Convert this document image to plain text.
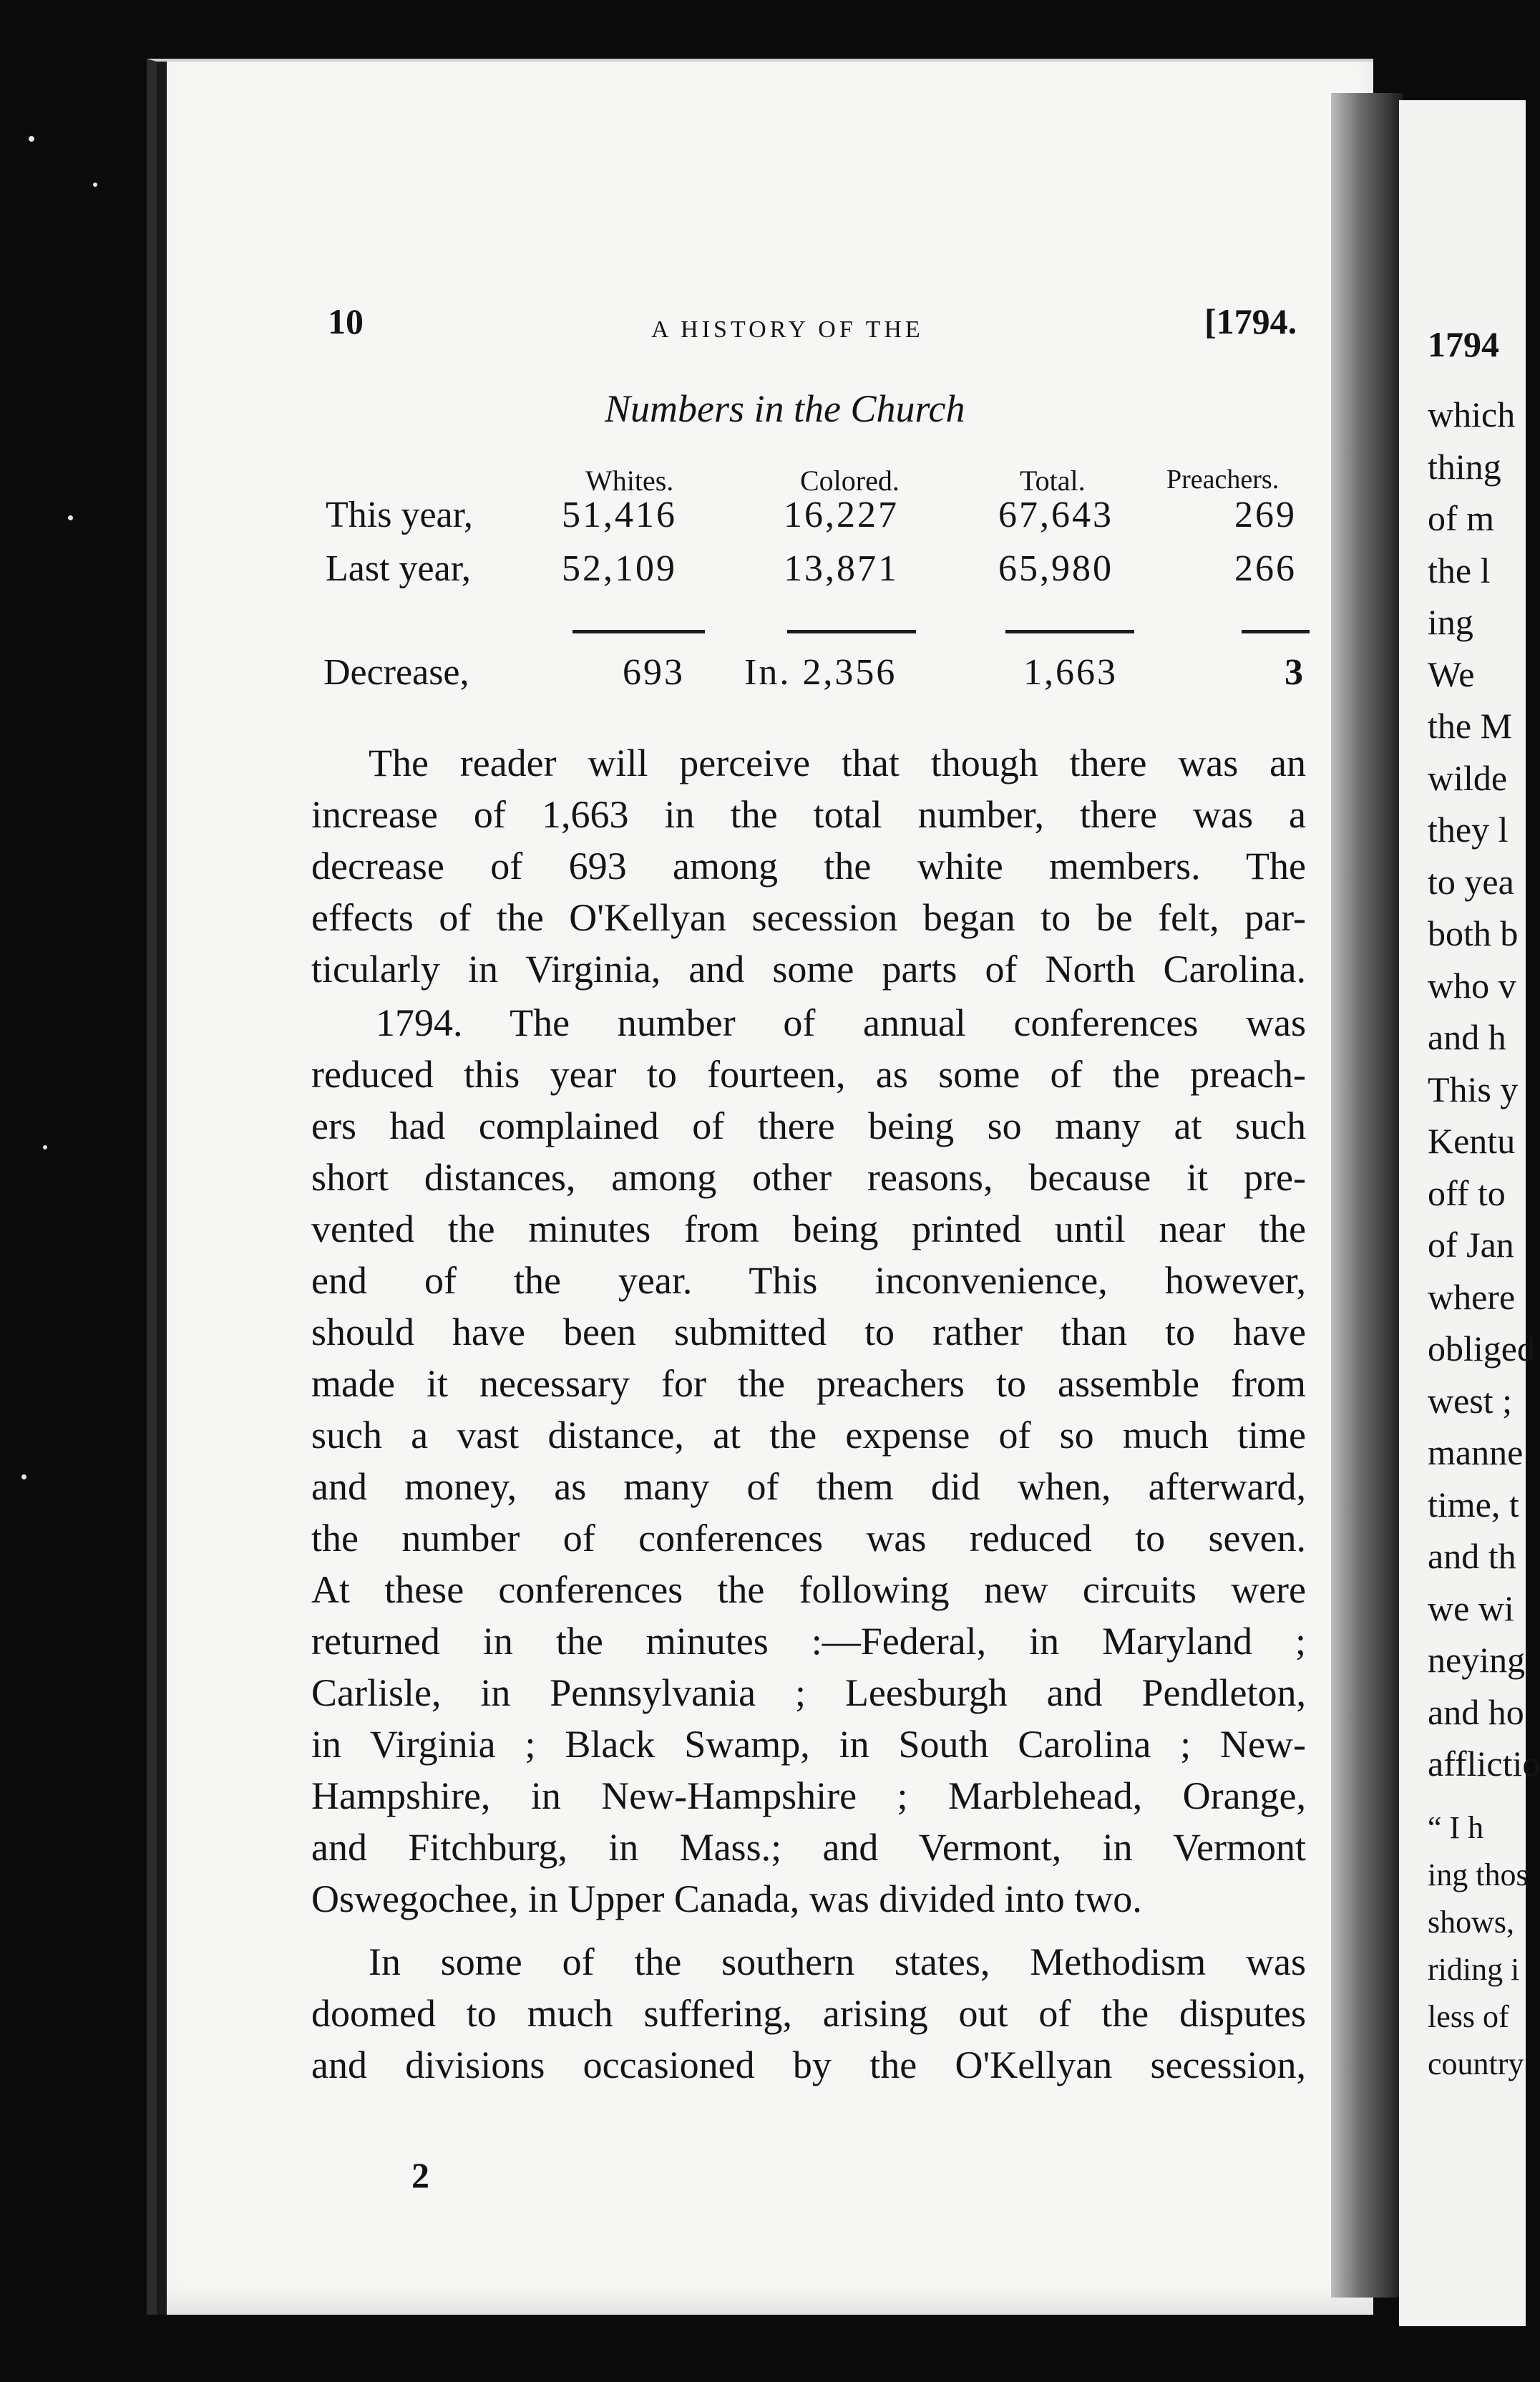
10	A HISTORY OF THE	[1794.
Numbers in the Church
Whites.	Colored.	Total.	Preachers.
This year, 51,416	16,227	67,643	269
Last year, 52,109	13,871	65,980	266
Decrease,	693 In. 2,356	1,663	3
The reader will perceive that though there was an
increase of 1,663 in the total number, there was a
decrease of 693 among the white members. The
effects of the O'Kellyan secession began to be felt, par-
ticularly in Virginia, and some parts of North Carolina.
1794. The number of annual conferences was
reduced this year to fourteen, as some of the preach-
ers had complained of there being so many at such
short distances, among other reasons, because it pre-
vented the minutes from being printed until near the
end of the year. This inconvenience, however,
should have been submitted to rather than to have
made it necessary for the preachers to assemble from
such a vast distance, at the expense of so much time
and money, as many of them did when, afterward,
the number of conferences was reduced to seven.
At these conferences the following new circuits were
returned in the minutes :—Federal, in Maryland ;
Carlisle, in Pennsylvania ; Leesburgh and Pendleton,
in Virginia ; Black Swamp, in South Carolina ; New-
Hampshire, in New-Hampshire ; Marblehead, Orange,
and Fitchburg, in Mass.; and Vermont, in Vermont
Oswegochee, in Upper Canada, was divided into two.
In some of the southern states, Methodism was
doomed to much suffering, arising out of the disputes
and divisions occasioned by the O'Kellyan secession,
2
1794
which
thing
of m
the l
ing
We
the M
wilde
they l
to yea
both b
who v
and h
This y
Kentu
off to
of Jan
where
obliged
west ;
manne
time, t
and th
we wi
neying
and ho
afflictio
“ I h
ing thos
shows,
riding i
less of
country
